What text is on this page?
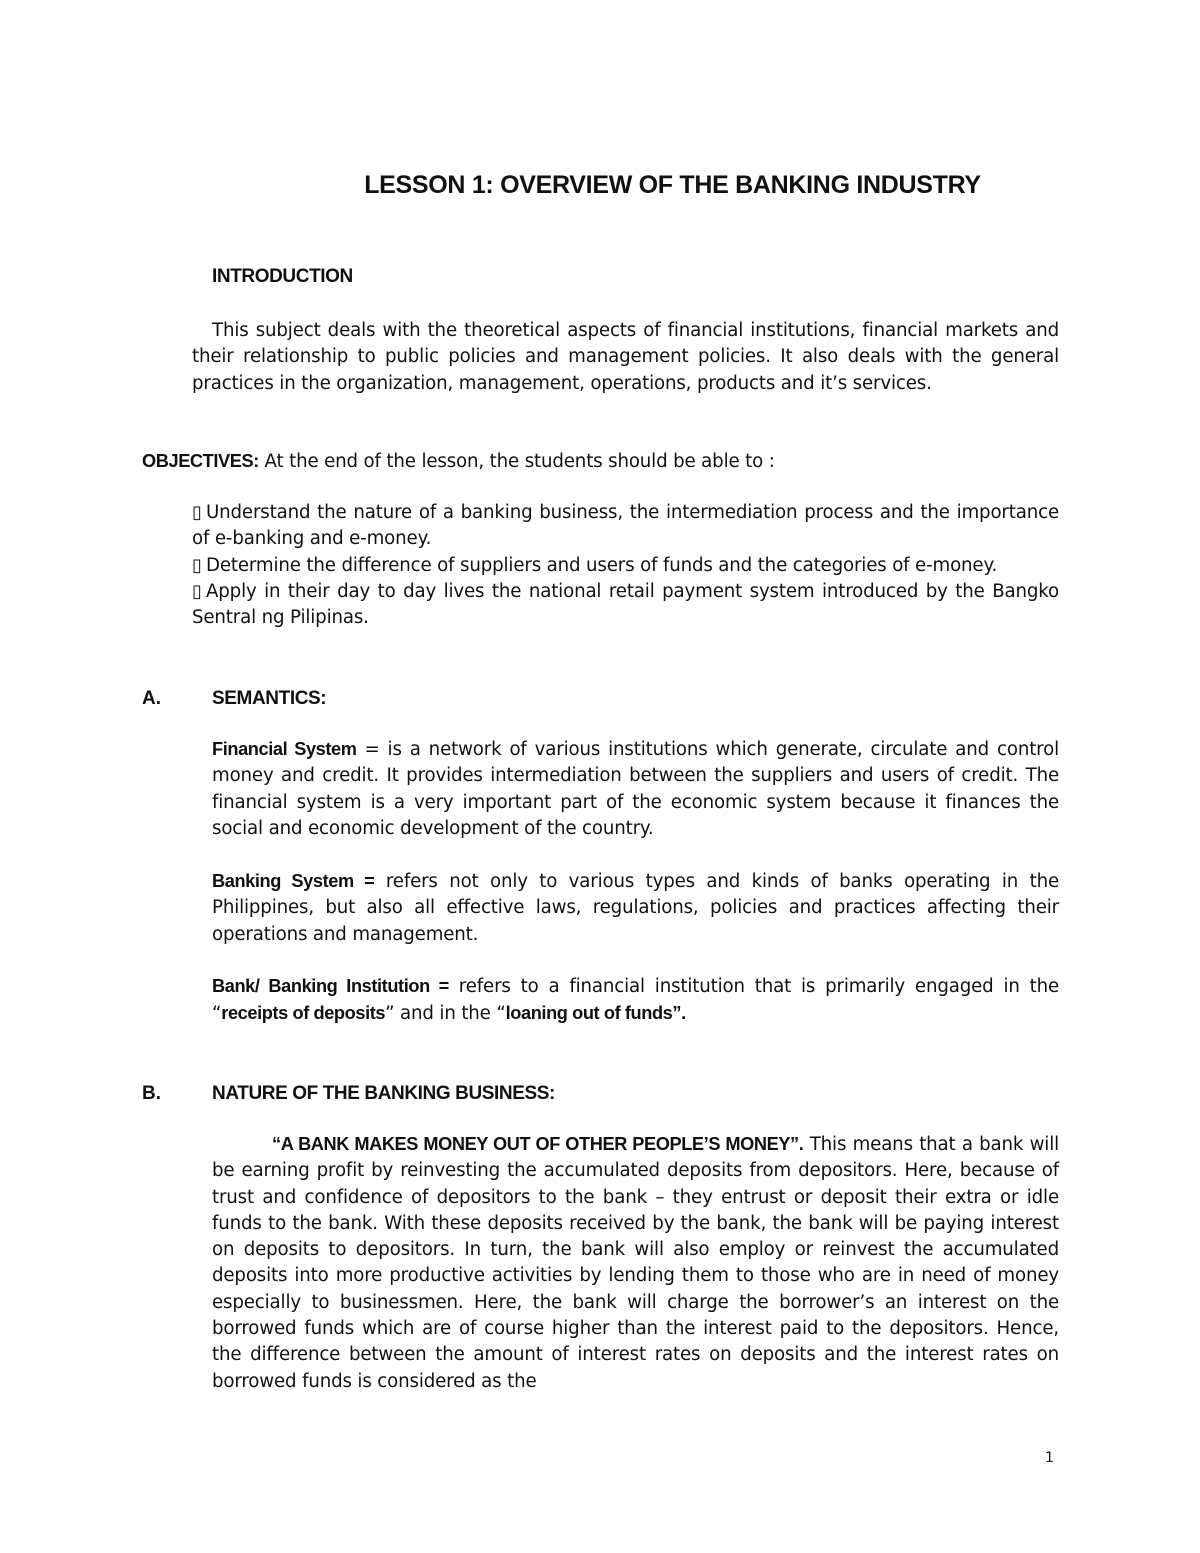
LESSON 1: OVERVIEW OF THE BANKING INDUSTRY
INTRODUCTION
This subject deals with the theoretical aspects of financial institutions, financial markets and their relationship to public policies and management policies. It also deals with the general practices in the organization, management, operations, products and it’s services.
OBJECTIVES: At the end of the lesson, the students should be able to :
▯ Understand the nature of a banking business, the intermediation process and the importance of e-banking and e-money.
▯ Determine the difference of suppliers and users of funds and the categories of e-money.
▯ Apply in their day to day lives the national retail payment system introduced by the Bangko Sentral ng Pilipinas.
A.	SEMANTICS:
Financial System = is a network of various institutions which generate, circulate and control money and credit. It provides intermediation between the suppliers and users of credit. The financial system is a very important part of the economic system because it finances the social and economic development of the country.
Banking System = refers not only to various types and kinds of banks operating in the Philippines, but also all effective laws, regulations, policies and practices affecting their operations and management.
Bank/ Banking Institution = refers to a financial institution that is primarily engaged in the “receipts of deposits” and in the “loaning out of funds”.
B.	NATURE OF THE BANKING BUSINESS:
“A BANK MAKES MONEY OUT OF OTHER PEOPLE’S MONEY”. This means that a bank will be earning profit by reinvesting the accumulated deposits from depositors. Here, because of trust and confidence of depositors to the bank – they entrust or deposit their extra or idle funds to the bank. With these deposits received by the bank, the bank will be paying interest on deposits to depositors. In turn, the bank will also employ or reinvest the accumulated deposits into more productive activities by lending them to those who are in need of money especially to businessmen. Here, the bank will charge the borrower’s an interest on the borrowed funds which are of course higher than the interest paid to the depositors. Hence, the difference between the amount of interest rates on deposits and the interest rates on borrowed funds is considered as the
1
